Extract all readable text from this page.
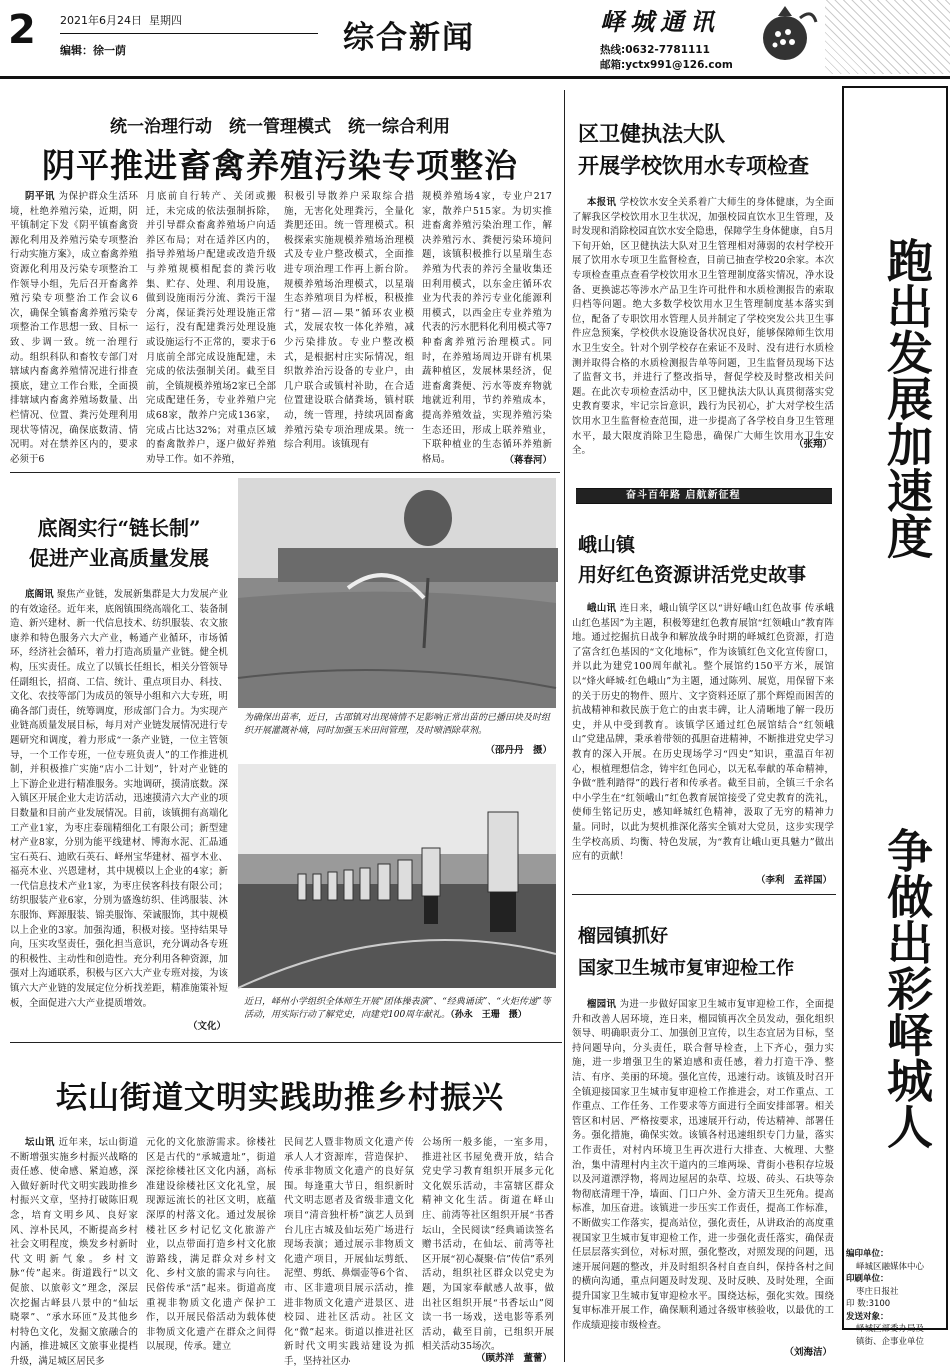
2 2021年6月24日 星期四
编辑：徐一荫	综合新闻	峄城通讯
热线:0632-7781111
邮箱:yctx991@126.com
跑出发展加速度
争做出彩峄城人
编印单位：
峄城区融媒体中心
印刷单位：
枣庄日报社
印 数:3100
发送对象：
峄城区部委办局及
镇街、企事业单位
统一治理行动　统一管理模式　统一综合利用
阴平推进畜禽养殖污染专项整治

阴平讯 为保护群众生活环境，杜绝养殖污染，近期，阴平镇制定下发《阴平镇畜禽资源化利用及养殖污染专项整治行动实施方案》，成立畜禽养殖资源化利用及污染专项整治工作领导小组，先后召开畜禽养殖污染专项整治工作会议6次，确保全镇畜禽养殖污染专项整治工作思想一致、目标一致、步调一致。统一治理行动。组织科队和畜牧专部门对辖域内畜禽养殖情况进行排查摸底，建立工作台账，全面摸排辖域内畜禽养殖场数量、出栏情况、位置、粪污处理利用现状等情况，确保底数清、情况明。对在禁养区内的，要求必须于6

月底前自行转产、关闭或搬迁，未完成的依法强制拆除，并引导群众畜禽养殖场户向适养区布局；对在适养区内的，指导养殖场户配建或改造升级与养殖规模相配套的粪污收集、贮存、处理、利用设施，做到设施雨污分流、粪污干湿分离，保证粪污处理设施正常运行，没有配建粪污处理设施或设施运行不正常的，要求于6月底前全部完成设施配建，未完成的依法强制关闭。截至目前，全镇规模养殖场2家已全部完成配建任务，专业养殖户完成68家，散养户完成136家，完成占比达32%；对重点区域的畜禽散养户，逐户做好养殖劝导工作。如不养殖，

积极引导散养户采取综合措施，无害化处理粪污，全量化粪肥还田。统一管理模式。积极探索实施规模养殖场治理模式及专业户整改模式，全面推进专项治理工作再上新台阶。规模养殖场治理模式，以星瑞生态养殖项目为样板，积极推行“猪—沼—果”循环农业模式，发展农牧一体化养殖，减少污染排放。专业户整改模式，是根据村庄实际情况，组织散养治污设备的专业户，由几户联合或镇村补助，在合适位置建设联合储粪场，镇村联动，统一管理，持续巩固畜禽养殖污染专项治理成果。统一综合利用。该镇现有

规模养殖场4家，专业户217家，散养户515家。为切实推进畜禽养殖污染治理工作，解决养殖污水、粪便污染环境问题，该镇积极推行以星瑞生态养殖为代表的养污全量收集还田利用模式，以东金庄循环农业为代表的养污专业化能源利用模式，以西金庄专业养殖为代表的污水肥料化利用模式等7种畜禽养殖污治理模式。同时，在养殖场周边开辟有机果蔬种植区，发展林果经济，促进畜禽粪便、污水等废弃物就地就近利用，节约养殖成本，提高养殖效益，实现养殖污染生态还田，形成上联养殖业，下联种植业的生态循环养殖新格局。	（蒋春河）
区卫健执法大队
开展学校饮用水专项检查

本报讯 学校饮水安全关系着广大师生的身体健康，为全面了解我区学校饮用水卫生状况，加强校园直饮水卫生管理，及时发现和消除校园直饮水安全隐患，保障学生身体健康，自5月下旬开始，区卫健执法大队对卫生管理相对薄弱的农村学校开展了饮用水专项卫生监督检查，目前已抽查学校20余家。本次专项检查重点查看学校饮用水卫生管理制度落实情况，净水设备、更换滤芯等涉水产品卫生许可批件和水质检测报告的索取归档等问题。绝大多数学校饮用水卫生管理制度基本落实到位，配备了专职饮用水管理人员并制定了学校突发公共卫生事件应急预案，学校供水设施设备状况良好，能够保障师生饮用水卫生安全。针对个别学校存在索证不及时、没有进行水质检测并取得合格的水质检测报告单等问题，卫生监督员现场下达了监督文书，并进行了整改指导，督促学校及时整改相关问题。在此次专项检查活动中，区卫健执法大队认真贯彻落实党史教育要求，牢记宗旨意识，践行为民初心，扩大对学校生活饮用水卫生监督检查范围，进一步提高了各学校自身卫生管理水平，最大限度消除卫生隐患，确保广大师生饮用水卫生安全。

（张翔）
奋斗百年路 启航新征程
底阁实行“链长制”
促进产业高质量发展

底阁讯 聚焦产业链，发展新集群是大力发展产业的有效途径。近年来，底阁镇围绕高端化工、装备制造、新兴建材、新一代信息技术、纺织服装、农文旅康养和特色服务六大产业，畅通产业循环，市场循环，经济社会循环，着力打造高质量产业链。健全机构，压实责任。成立了以镇长任组长，相关分管领导任副组长，招商、工信、统计、重点项目办、科技、文化、农技等部门为成员的领导小组和六大专班，明确各部门责任，统筹调度，形成部门合力。为实现产业链高质量发展目标，每月对产业链发展情况进行专题研究和调度，着力形成“一条产业链，一位主管领导，一个工作专班，一位专班负责人”的工作推进机制，并积极推广实施“店小二计划”，针对产业链的上下游企业进行精准服务。实地调研，摸清底数。深入镇区开展企业大走访活动，迅速摸清六大产业的项目数量和目前产业发展情况。目前，该镇拥有高端化工产业1家，为枣庄泰瑞精细化工有限公司；新型建材产业8家，分别为能平线建材、博海水泥、汇晶通宝石英石、迪欧石英石、峄州宝华建材、福亨木业、福亮木业、兴恩建材，其中规模以上企业的4家；新一代信息技术产业1家，为枣庄侯客科技有限公司；纺织服装产业6家，分别为盛逸纺织、佳鸿服装、沐东服饰、辉源服装、锦美服饰、荣诚服饰，其中规模以上企业的3家。加强沟通，积极对接。坚持结果导向，压实攻坚责任，强化担当意识，充分调动各专班的积极性、主动性和创造性。充分利用各种资源，加强对上沟通联系，积极与区六大产业专班对接，为该镇六大产业链的发展定位分析找差距，精准施策补短板，全面促进六大产业提质增效。

（文化）
为确保出苗率，近日，古邵镇对出现墒情不足影响正常出苗的已播田块及时组织开展灌溉补墒，同时加强玉米田间管理，及时喷洒除草剂。
（邵丹丹　摄）
近日，峄州小学组织全体师生开展“团体操表演”、“经典诵读”、“火炬传递”等活动，用实际行动了解党史，向建党100周年献礼。（孙永　王珊　摄）
峨山镇
用好红色资源讲活党史故事

峨山讯 连日来，峨山镇学区以“讲好峨山红色故事 传承峨山红色基因”为主题，积极筹建红色教育展馆“红领峨山”教育阵地。通过挖掘抗日战争和解放战争时期的峄城红色资源，打造了富含红色基因的“文化地标”，作为该镇红色文化宣传窗口，并以此为建党100周年献礼。整个展馆约150平方米，展馆以“烽火峄城·红色峨山”为主题，通过陈列、展览，用保留下来的关于历史的物件、照片、文字资料还原了那个辉煌而困苦的抗战精神和救民族于危亡的由衷丰碑，让人清晰地了解一段历史，并从中受到教育。该镇学区通过红色展馆结合“红领峨山”党建品牌，秉承着带领的孤胆奋进精神，不断推进党史学习教育的深入开展。在历史现场学习“四史”知识，重温百年初心，根植理想信念，铸牢红色同心，以无私奉献的革命精神，争做“胜利踏得”的践行者和传承者。截至目前，全镇三千余名中小学生在“红领峨山”红色教育展馆接受了党史教育的洗礼，使师生铭记历史，感知峄城红色精神，汲取了无穷的精神力量。同时，以此为契机推深化落实全镇对大党员，这步实现学生学校高质、均衡、特色发展，为“教育让峨山更具魅力”做出应有的贡献！

（李利　孟祥国）
榴园镇抓好
国家卫生城市复审迎检工作

榴园讯 为进一步做好国家卫生城市复审迎检工作，全面提升和改善人居环境，连日来，榴园镇再次全员发动，强化组织领导、明确职责分工、加强创卫宣传，以生态宜居为目标，坚持问题导向，分头责任，联合督导检查，上下齐心，强力实施，进一步增强卫生的紧迫感和责任感，着力打造干净、整洁、有序、美丽的环境。强化宣传，迅速行动。该镇及时召开全镇迎接国家卫生城市复审迎检工作推进会，对工作重点、工作重点、工作任务、工作要求等方面进行全面安排部署。相关管区和村居、严格按要求，迅速展开行动，传达精神、部署任务。强化措施，确保实效。该镇各村迅速组织专门力量，落实工作责任，对村内环境卫生再次进行大排查、大梳理、大整治，集中清理村内主次干道内的三堆两垛、背街小巷积存垃圾以及河道漂浮物，将周边屋居的杂草、垃圾、砖头、石块等杂物彻底清理干净，墙面、门口户外、金方清天卫生死角。提高标准，加压奋进。该镇进一步压实工作责任，提高工作标准，不断做实工作落实，提高站位，强化责任，从讲政治的高度重视国家卫生城市复审迎检工作，进一步强化责任落实，确保责任层层落实到位，对标对照，强化整改，对照发现的问题，迅速开展问题的整改，并及时组织各村自查自纠，保持各村之间的横向沟通，重点问题及时发现、及时反映、及时处理，全面提升国家卫生城市复审迎检水平。围绕达标，强化实效。围绕复审标准开展工作，确保顺利通过各级审核验收，以最优的工作成绩迎接市级检查。

（刘海洁）
坛山街道文明实践助推乡村振兴

坛山讯 近年来，坛山街道不断增强实施乡村振兴战略的责任感、使命感、紧迫感，深入做好新时代文明实践助推乡村振兴文章，坚持打破陈旧观念，培育文明乡风、良好家风、淳朴民风，不断提高乡村社会文明程度，焕发乡村新时代文明新气象。乡村文脉“传”起来。街道践行“以文促旅、以旅彰文”理念，深层次挖掘古峄县八景中的“仙坛晓翠”、“承水环匝”及其他乡村特色文化，发掘文旅融合的内涵，推进城区文旅事业提档升级，满足城区居民多

元化的文化旅游需求。徐楼社区是古代的“承城遗址”，街道深挖徐楼社区文化内涵，高标准建设徐楼社区文化礼堂，展现源远流长的社区文明，底蕴深厚的村落文化。通过发展徐楼社区乡村记忆文化旅游产业，以点带面打造乡村文化旅游路线，满足群众对乡村文化、乡村文旅的需求与向往。民俗传承“活”起来。街道高度重视非物质文化遗产保护工作，以开展民俗活动为载体使非物质文化遗产在群众之间得以展现，传承。建立

民间艺人暨非物质文化遗产传承人人才资源库，营造保护、传承非物质文化遗产的良好氛围。每逢重大节日，组织新时代文明志愿者及省级非遗文化项目“清音独杆桥”演艺人员到台儿庄古城及仙坛苑广场进行现场表演；通过展示非物质文化遗产项目，开展仙坛剪纸、泥塑、剪纸、鼻烟壶等6个省、市、区非遗项目展示活动，推进非物质文化遗产进景区、进校园、进社区活动。社区文化“微”起来。街道以推进社区新时代文明实践站建设为抓手，坚持社区办

公场所一般多能，一室多用，推进社区书屋免费开放，结合党史学习教育组织开展多元化文化娱乐活动，丰富辖区群众精神文化生活。街道在峄山庄、前湾等社区组织开展“书香坛山，全民阅读”经典诵读签名赠书活动，在仙坛、前湾等社区开展“初心凝聚·信”传信”系列活动，组织社区群众以党史为题，为国家奉献感人故事，做出社区组织开展“书香坛山”阅读一书一场戏，送电影等系列活动，截至目前，已组织开展相关活动35场次。

（顾苏洋　董蕾）
